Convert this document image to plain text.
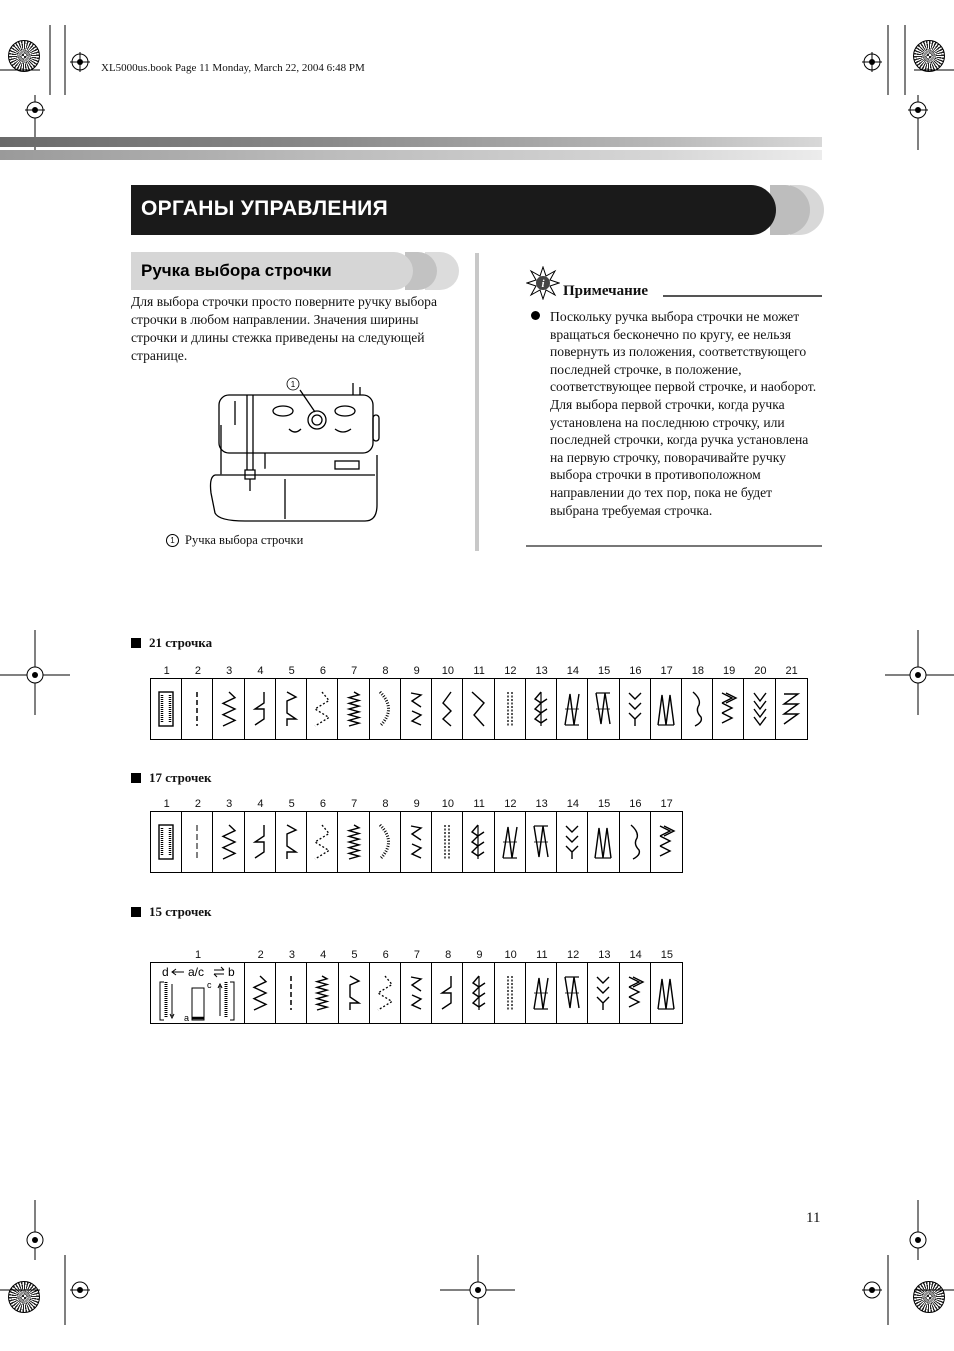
XL5000us.book Page 11 Monday, March 22, 2004 6:48 PM
ОРГАНЫ УПРАВЛЕНИЯ
Ручка выбора строчки
Для выбора строчки просто поверните ручку выбора строчки в любом направлении. Значения ширины строчки и длины стежка приведены на следующей странице.
1
1 Ручка выбора строчки
i Примечание
Поскольку ручка выбора строчки не может вращаться бесконечно по кругу, ее нельзя повернуть из положения, соответствующего последней строчке, в положение, соответствующее первой строчке, и наоборот. Для выбора первой строчки, когда ручка установлена на последнюю строчку, или последней строчки, когда ручка установлена на первую строчку, поворачивайте ручку выбора строчки в противоположном направлении до тех пор, пока не будет выбрана требуемая строчка.
21 строчка
17 строчек
15 строчек
1	2	3	4	5	6	7	8	9	10	11	12	13	14	15	16	17	18	19	20	21
1	2	3	4	5	6	7	8	9	10	11	12	13	14	15	16	17
1	2	3	4	5	6	7	8	9	10	11	12	13	14	15
d a/c b
a
c
11
